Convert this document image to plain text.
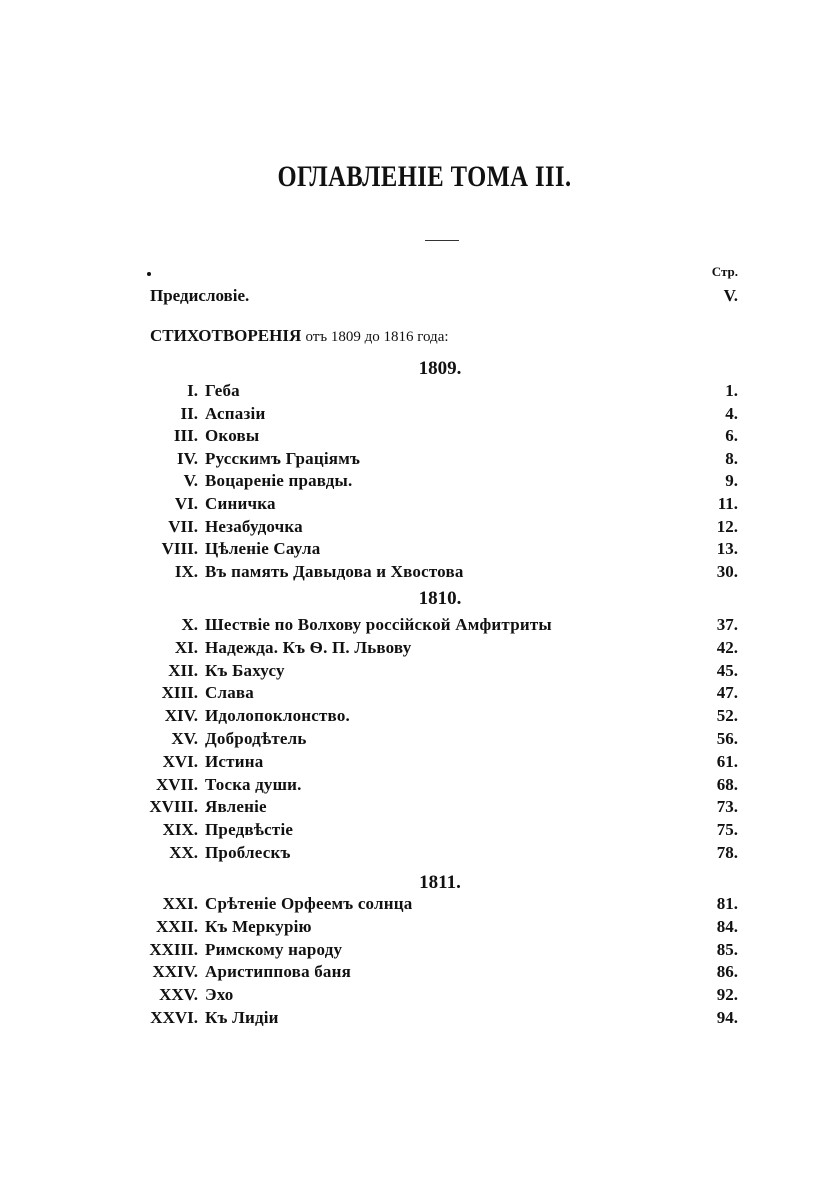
ОГЛАВЛЕНІЕ ТОМА III.
Стр.
Предисловіе.	V.
СТИХОТВОРЕНІЯ отъ 1809 до 1816 года:
1809.
1810.
1811.
I. Геба	1.
II. Аспазіи	4.
III. Оковы	6.
IV. Русскимъ Граціямъ	8.
V. Воцареніе правды.	9.
VI. Синичка	11.
VII. Незабудочка	12.
VIII. Цѣленіе Саула	13.
IX. Въ память Давыдова и Хвостова	30.
X. Шествіе по Волхову россійской Амфитриты	37.
XI. Надежда. Къ Ѳ. П. Львову	42.
XII. Къ Бахусу	45.
XIII. Слава	47.
XIV. Идолопоклонство.	52.
XV. Добродѣтель	56.
XVI. Истина	61.
XVII. Тоска души.	68.
XVIII. Явленіе	73.
XIX. Предвѣстіе	75.
XX. Проблескъ	78.
XXI. Срѣтеніе Орфеемъ солнца	81.
XXII. Къ Меркурію	84.
XXIII. Римскому народу	85.
XXIV. Аристиппова баня	86.
XXV. Эхо	92.
XXVI. Къ Лидіи	94.
